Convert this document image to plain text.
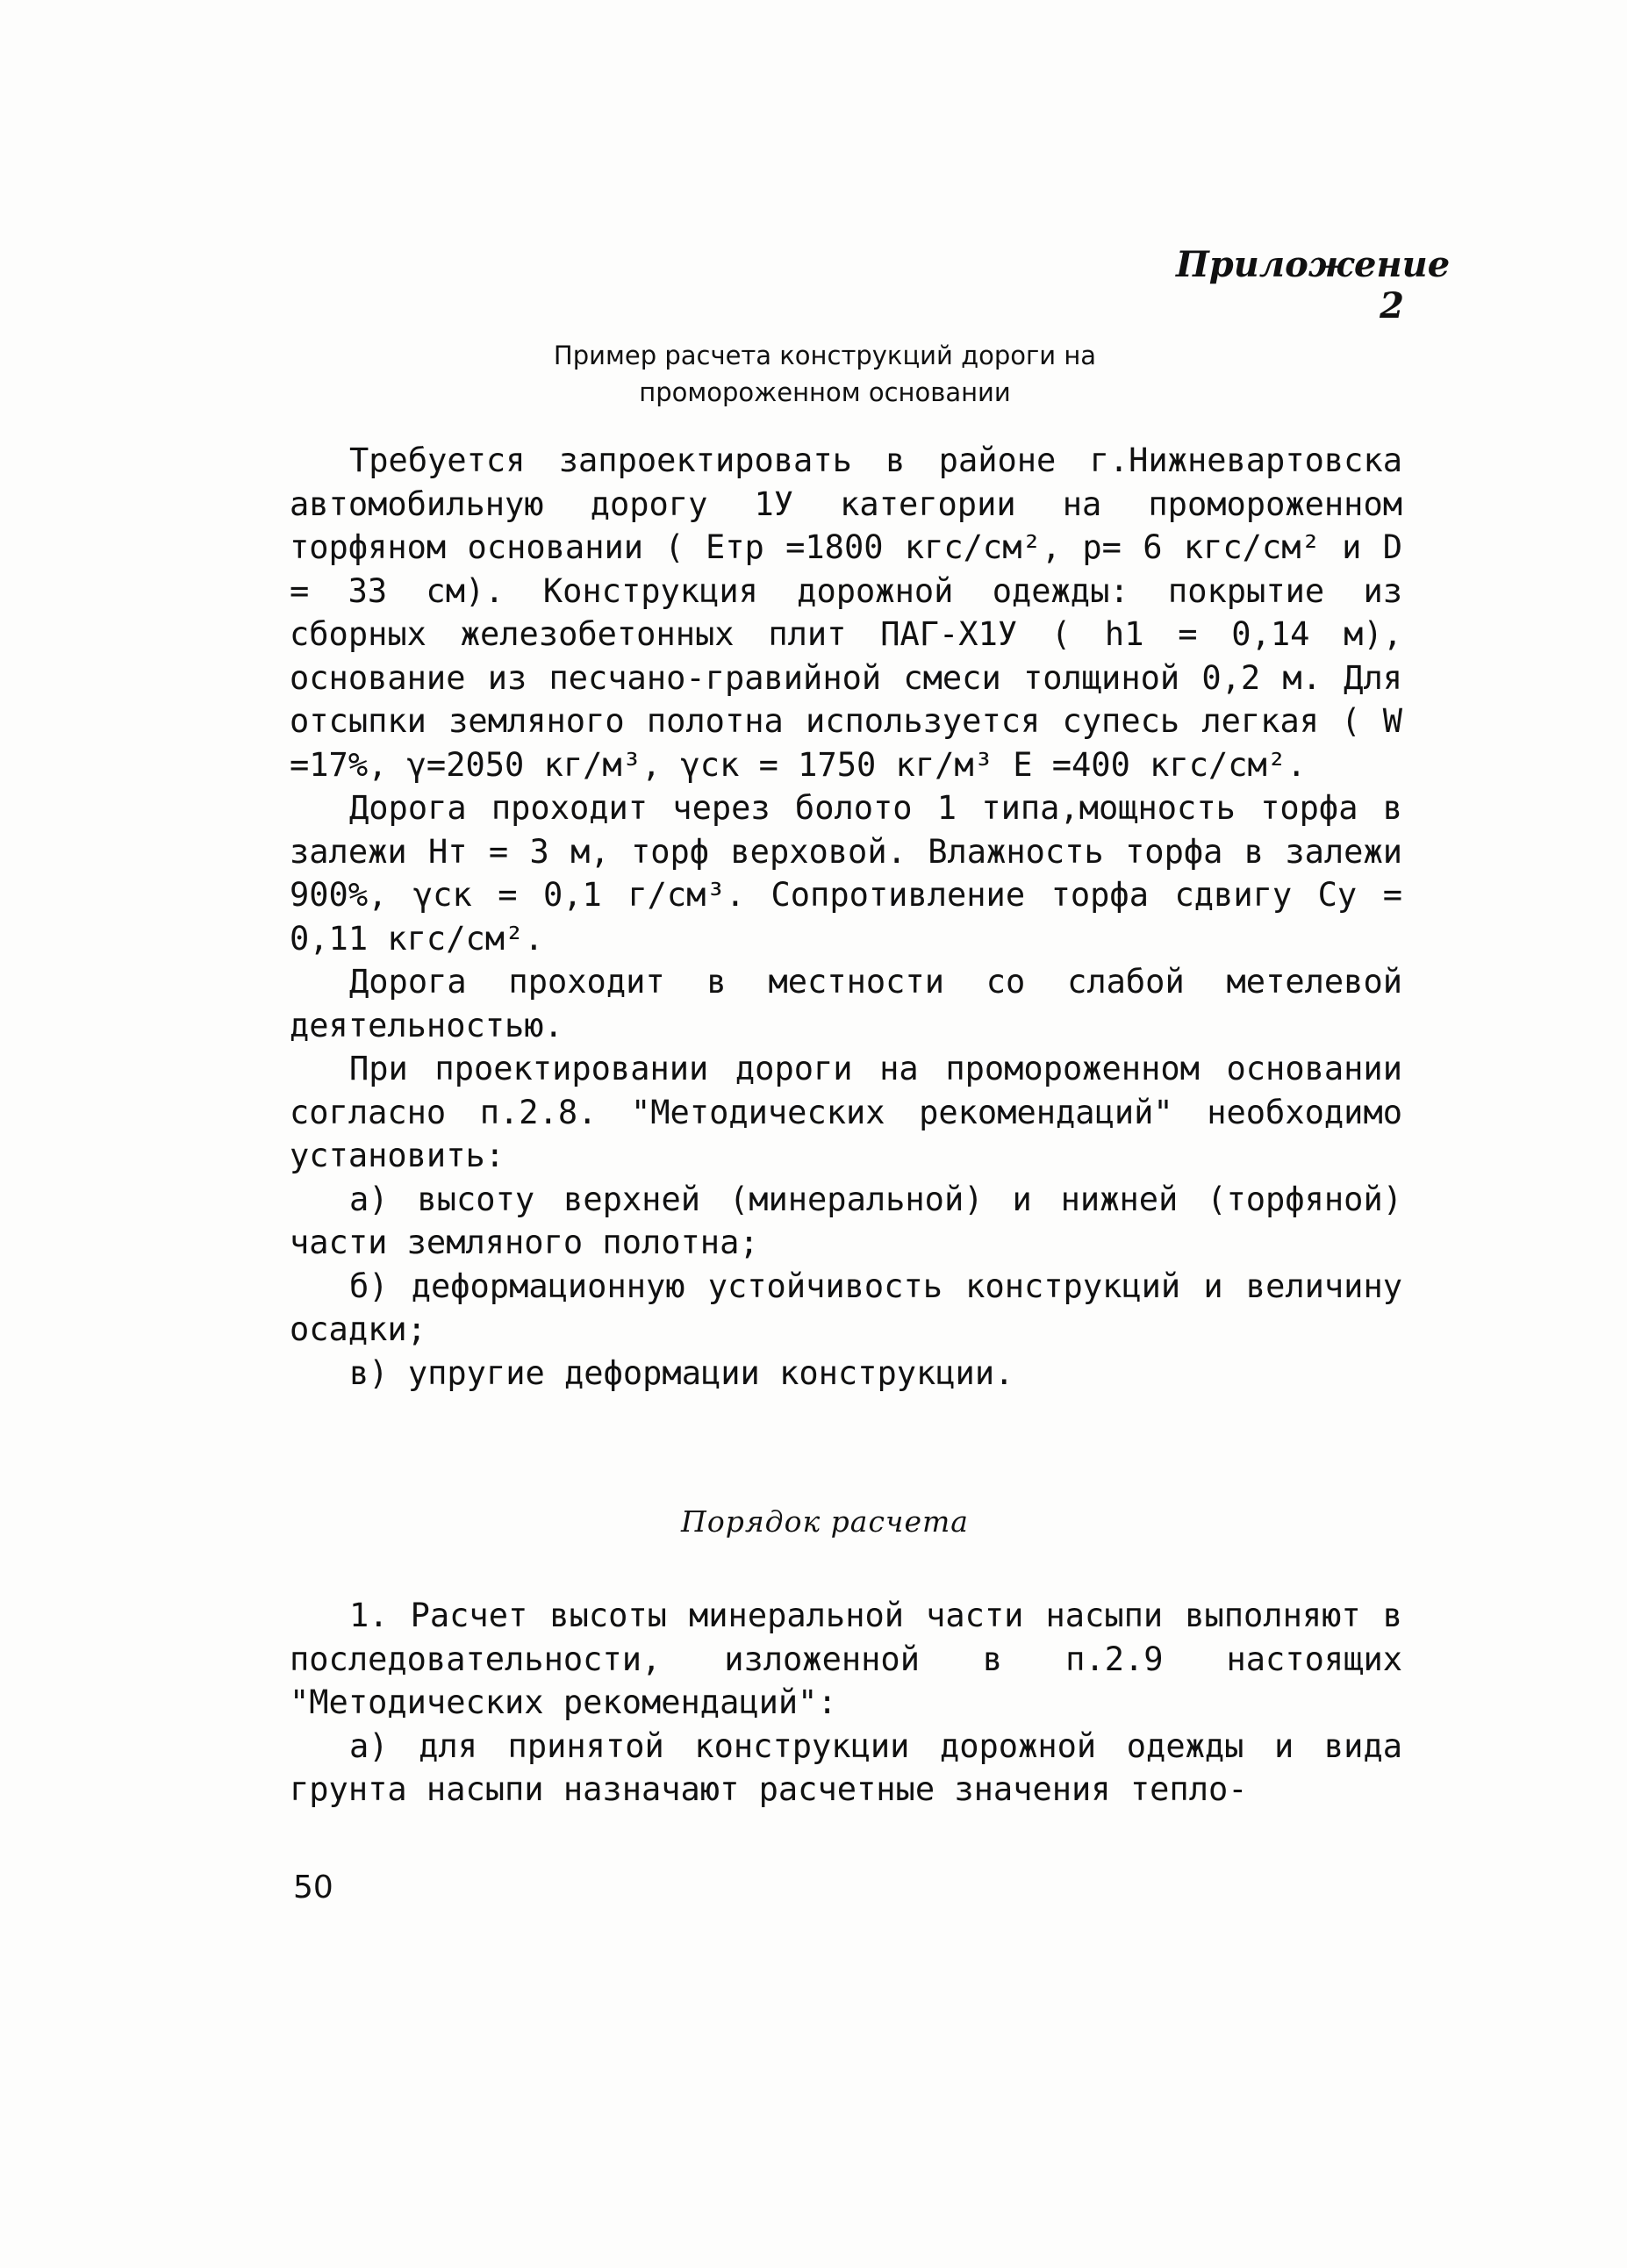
Приложение 2
Пример расчета конструкций дороги на
промороженном основании

Требуется запроектировать в районе г.Нижневартовска автомобильную дорогу 1У категории на промороженном торфяном основании ( Eтр =1800 кгс/см², p= 6 кгс/см² и D = 33 см). Конструкция дорожной одежды: покрытие из сборных железобетонных плит ПАГ-Х1У ( h1 = 0,14 м), основание из песчано-гравийной смеси толщиной 0,2 м. Для отсыпки земляного полотна используется супесь легкая ( W =17%, γ=2050 кг/м³, γск = 1750 кг/м³ E =400 кгс/см².

Дорога проходит через болото 1 типа,мощность торфа в залежи Hт = 3 м, торф верховой. Влажность торфа в залежи 900%, γск = 0,1 г/см³. Сопротивление торфа сдвигу Cу = 0,11 кгс/см².

Дорога проходит в местности со слабой метелевой деятельностью.

При проектировании дороги на промороженном основании согласно п.2.8. "Методических рекомендаций" необходимо установить:

а) высоту верхней (минеральной) и нижней (торфяной) части земляного полотна;

б) деформационную устойчивость конструкций и величину осадки;

в) упругие деформации конструкции.

Порядок расчета

1. Расчет высоты минеральной части насыпи выполняют в последовательности, изложенной в п.2.9 настоящих "Методических рекомендаций":

а) для принятой конструкции дорожной одежды и вида грунта насыпи назначают расчетные значения тепло-

50
